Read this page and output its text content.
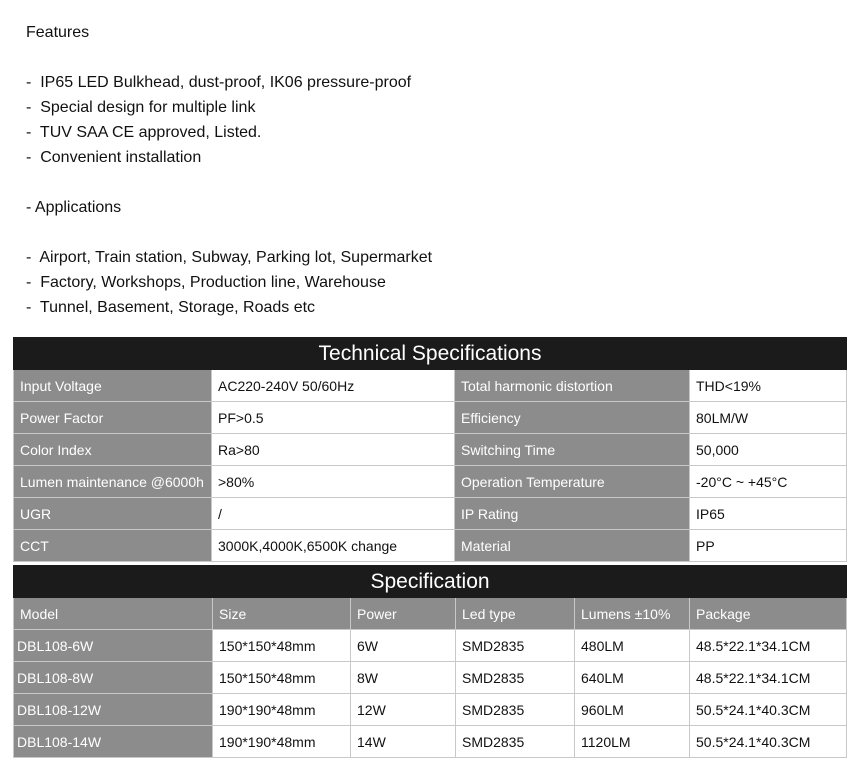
Features
-  IP65 LED Bulkhead, dust-proof, IK06 pressure-proof
-  Special design for multiple link
-  TUV SAA CE approved, Listed.
-  Convenient installation
- Applications
-  Airport, Train station, Subway, Parking lot, Supermarket
-  Factory, Workshops, Production line, Warehouse
-  Tunnel, Basement, Storage, Roads etc
Technical Specifications			
Input Voltage	AC220-240V 50/60Hz	Total harmonic distortion	THD<19%
Power Factor	PF>0.5	Efficiency	80LM/W
Color Index	Ra>80	Switching Time	50,000
Lumen maintenance @6000h	>80%	Operation Temperature	-20°C ~ +45°C
UGR	/	IP Rating	IP65
CCT	3000K,4000K,6500K change	Material	PP
Specification					
Model	Size	Power	Led type	Lumens ±10%	Package
DBL108-6W	150*150*48mm	6W	SMD2835	480LM	48.5*22.1*34.1CM
DBL108-8W	150*150*48mm	8W	SMD2835	640LM	48.5*22.1*34.1CM
DBL108-12W	190*190*48mm	12W	SMD2835	960LM	50.5*24.1*40.3CM
DBL108-14W	190*190*48mm	14W	SMD2835	1120LM	50.5*24.1*40.3CM
